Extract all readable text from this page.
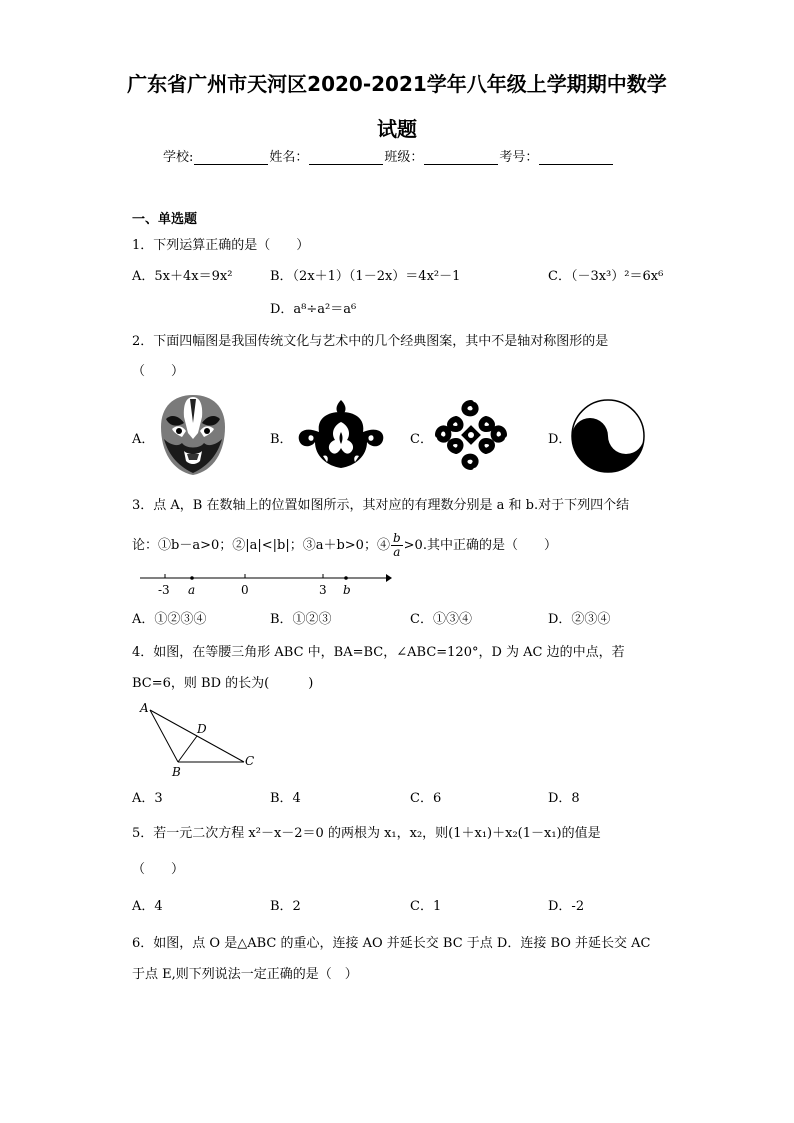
广东省广州市天河区2020-2021学年八年级上学期期中数学
试题
学校:	姓名：	班级：	考号：
一、单选题
1．下列运算正确的是（　　）
A．5x＋4x＝9x²	B．（2x＋1）（1－2x）＝4x²－1	C．（－3x³）²＝6x⁶
D．a⁸÷a²＝a⁶
2．下面四幅图是我国传统文化与艺术中的几个经典图案，其中不是轴对称图形的是
（　　）
A．	B．	C．	D．
3．点 A，B 在数轴上的位置如图所示，其对应的有理数分别是 a 和 b.对于下列四个结
论：①b－a>0；②|a|<|b|；③a＋b>0；④ $\frac{b}{a} >0$.其中正确的是（　　）
-3 a	0	3 b
A．①②③④	B．①②③	C．①③④	D．②③④
4．如图，在等腰三角形 ABC 中，BA=BC，∠ABC=120°，D 为 AC 边的中点，若
BC=6，则 BD 的长为(　　　)
A
B
C
D
A．3	B．4	C．6	D．8
5．若一元二次方程 x²－x－2＝0 的两根为 x₁，x₂，则(1＋x₁)＋x₂(1－x₁)的值是
（　　）
A．4	B．2	C．1	D．-2
6．如图，点 O 是△ABC 的重心，连接 AO 并延长交 BC 于点 D．连接 BO 并延长交 AC
于点 E,则下列说法一定正确的是（　）
